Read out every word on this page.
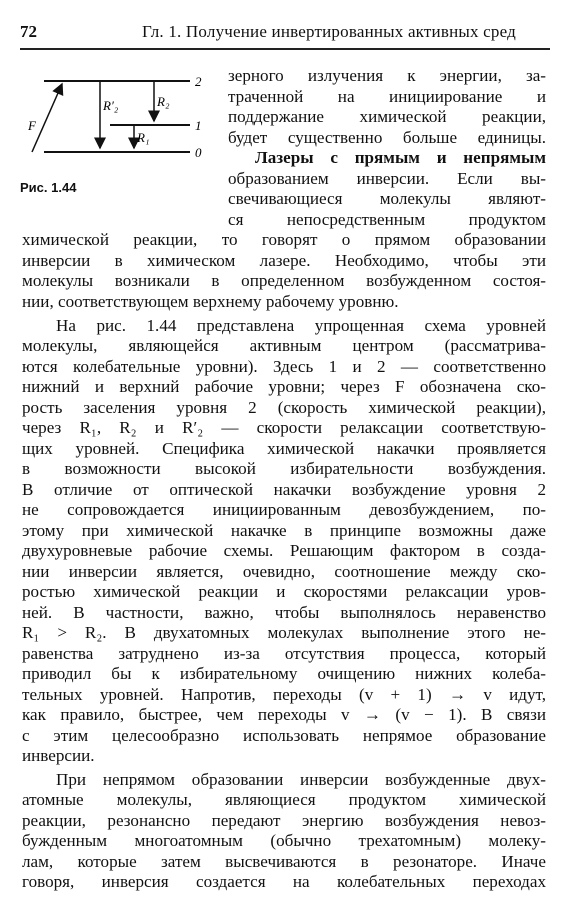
72	Гл. 1. Получение инвертированных активных сред
2
1
0
F
R′₂	R₂
R₁
Рис. 1.44
зерного излучения к энергии, за-
траченной на инициирование и
поддержание химической реакции,
будет существенно больше единицы.
Лазеры с прямым и непрямым
образованием инверсии. Если вы-
свечивающиеся молекулы являют-
ся непосредственным продуктом
химической реакции, то говорят о прямом образовании
инверсии в химическом лазере. Необходимо, чтобы эти
молекулы возникали в определенном возбужденном состоя-
нии, соответствующем верхнему рабочему уровню.
На рис. 1.44 представлена упрощенная схема уровней
молекулы, являющейся активным центром (рассматрива-
ются колебательные уровни). Здесь 1 и 2 — соответственно
нижний и верхний рабочие уровни; через F обозначена ско-
рость заселения уровня 2 (скорость химической реакции),
через R₁, R₂ и R′₂ — скорости релаксации соответствую-
щих уровней. Специфика химической накачки проявляется
в возможности высокой избирательности возбуждения.
В отличие от оптической накачки возбуждение уровня 2
не сопровождается инициированным девозбуждением, по-
этому при химической накачке в принципе возможны даже
двухуровневые рабочие схемы. Решающим фактором в созда-
нии инверсии является, очевидно, соотношение между ско-
ростью химической реакции и скоростями релаксации уров-
ней. В частности, важно, чтобы выполнялось неравенство
R₁ > R₂. В двухатомных молекулах выполнение этого не-
равенства затруднено из-за отсутствия процесса, который
приводил бы к избирательному очищению нижних колеба-
тельных уровней. Напротив, переходы (v + 1) → v идут,
как правило, быстрее, чем переходы v → (v − 1). В связи
с этим целесообразно использовать непрямое образование
инверсии.
При непрямом образовании инверсии возбужденные двух-
атомные молекулы, являющиеся продуктом химической
реакции, резонансно передают энергию возбуждения невоз-
бужденным многоатомным (обычно трехатомным) молеку-
лам, которые затем высвечиваются в резонаторе. Иначе
говоря, инверсия создается на колебательных переходах
